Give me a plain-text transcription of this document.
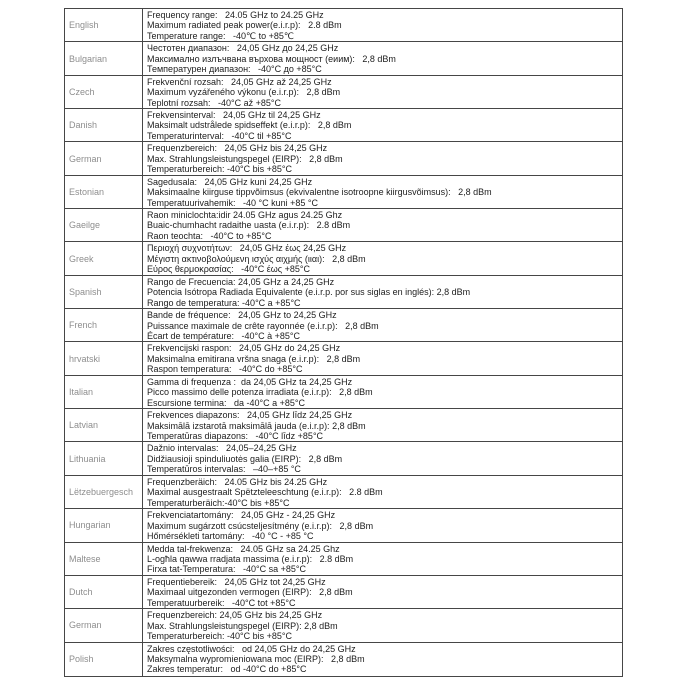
English
Frequency range:   24.05 GHz to 24.25 GHz
Maximum radiated peak power(e.i.r.p):   2.8 dBm
Temperature range:   -40℃ to +85℃
Bulgarian
Честотен диапазон:   24,05 GHz до 24,25 GHz
Максимално излъчвана върхова мощност (еиим):   2,8 dBm
Температурен диапазон:   -40°C до +85°C
Czech
Frekvenční rozsah:   24,05 GHz až 24,25 GHz
Maximum vyzářeného výkonu (e.i.r.p):   2,8 dBm
Teplotní rozsah:   -40°C až +85°C
Danish
Frekvensinterval:   24,05 GHz til 24,25 GHz
Maksimalt udstrålede spidseffekt (e.i.r.p):   2,8 dBm
Temperaturinterval:   -40°C til +85°C
German
Frequenzbereich:   24,05 GHz bis 24,25 GHz
Max. Strahlungsleistungspegel (EIRP):   2,8 dBm
Temperaturbereich: -40°C bis +85°C
Estonian
Sagedusala:   24,05 GHz kuni 24,25 GHz
Maksimaalne kiirguse tippvõimsus (ekvivalentne isotroopne kiirgusvõimsus):   2,8 dBm
Temperatuurivahemik:   -40 °C kuni +85 °C
Gaeilge
Raon miniclochta:idir 24.05 GHz agus 24.25 Ghz
Buaic-chumhacht radaithe uasta (e.i.r.p):   2.8 dBm
Raon teochta:   -40°C to +85°C
Greek
Περιοχή συχνοτήτων:   24,05 GHz έως 24,25 GHz
Μέγιστη ακτινοβολούμενη ισχύς αιχμής (ιιαι):   2,8 dBm
Εύρος θερμοκρασίας:   -40°C έως +85°C
Spanish
Rango de Frecuencia: 24,05 GHz a 24,25 GHz
Potencia Isótropa Radiada Equivalente (e.i.r.p. por sus siglas en inglés): 2,8 dBm
Rango de temperatura: -40°C a +85°C
French
Bande de fréquence:   24,05 GHz to 24,25 GHz
Puissance maximale de crête rayonnée (e.i.r.p):   2,8 dBm
Écart de température:   -40°C à +85°C
hrvatski
Frekvencijski raspon:   24,05 GHz do 24,25 GHz
Maksimalna emitirana vršna snaga (e.i.r.p):   2,8 dBm
Raspon temperatura:   -40°C do +85°C
Italian
Gamma di frequenza :  da 24,05 GHz ta 24,25 GHz
Picco massimo delle potenza irradiata (e.i.r.p):   2,8 dBm
Escursione termina:   da -40°C a +85°C
Latvian
Frekvences diapazons:   24,05 GHz līdz 24,25 GHz
Maksimālā izstarotā maksimālā jauda (e.i.r.p): 2,8 dBm
Temperatūras diapazons:   -40°C līdz +85°C
Lithuania
Dažnio intervalas:   24,05–24,25 GHz
Didžiausioji spinduliuotės galia (EIRP):   2,8 dBm
Temperatūros intervalas:   –40–+85 °C
Lëtzebuergesch
Frequenzberäich:   24.05 GHz bis 24.25 GHz
Maximal ausgestraalt Spëtzteleeschtung (e.i.r.p):   2.8 dBm
Temperaturberäich:-40°C bis +85°C
Hungarian
Frekvenciatartomány:   24,05 GHz - 24,25 GHz
Maximum sugárzott csúcsteljesítmény (e.i.r.p):   2,8 dBm
Hőmérsékleti tartomány:   -40 °C - +85 °C
Maltese
Medda tal-frekwenza:   24.05 GHz sa 24.25 Ghz
L-ogħla qawwa rradjata massima (e.i.r.p):   2.8 dBm
Firxa tat-Temperatura:   -40°C sa +85°C
Dutch
Frequentiebereik:   24,05 GHz tot 24,25 GHz
Maximaal uitgezonden vermogen (EIRP):   2,8 dBm
Temperatuurbereik:   -40°C tot +85°C
German
Frequenzbereich: 24,05 GHz bis 24,25 GHz
Max. Strahlungsleistungspegel (EIRP): 2,8 dBm
Temperaturbereich: -40°C bis +85°C
Polish
Zakres częstotliwości:   od 24,05 GHz do 24,25 GHz
Maksymalna wypromieniowana moc (EIRP):   2,8 dBm
Zakres temperatur:   od -40°C do +85°C
